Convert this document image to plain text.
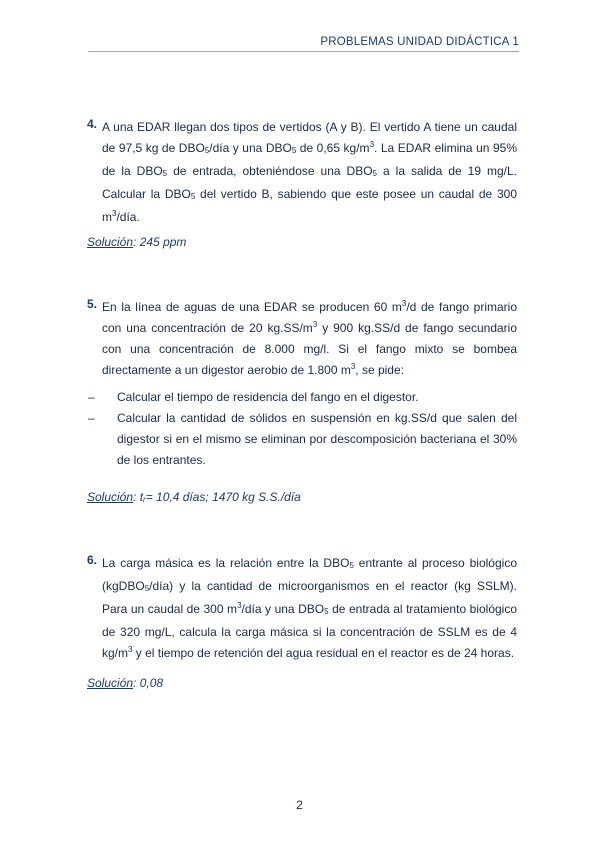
PROBLEMAS UNIDAD DIDÁCTICA 1
4. A una EDAR llegan dos tipos de vertidos (A y B). El vertido A tiene un caudal de 97,5 kg de $DBO_5$/día y una $DBO_5$ de 0,65 $kg/m^3$. La EDAR elimina un 95% de la $DBO_5$ de entrada, obteniéndose una $DBO_5$ a la salida de 19 mg/L. Calcular la $DBO_5$ del vertido B, sabiendo que este posee un caudal de 300 $m^3$/día.
Solución: 245 ppm
5. En la línea de aguas de una EDAR se producen 60 $m^3/d$ de fango primario con una concentración de 20 $kg.SS/m^3$ y 900 kg.SS/d de fango secundario con una concentración de 8.000 mg/l. Si el fango mixto se bombea directamente a un digestor aerobio de 1.800 $m^3$, se pide:
– Calcular el tiempo de residencia del fango en el digestor.
– Calcular la cantidad de sólidos en suspensión en kg.SS/d que salen del digestor si en el mismo se eliminan por descomposición bacteriana el 30% de los entrantes.
Solución: $t_r= 10,4$ días; 1470 kg S.S./día
6. La carga másica es la relación entre la $DBO_5$ entrante al proceso biológico (kgDBO$_5$/día) y la cantidad de microorganismos en el reactor (kg SSLM). Para un caudal de 300 $m^3$/día y una $DBO_5$ de entrada al tratamiento biológico de 320 mg/L, calcula la carga másica si la concentración de SSLM es de 4 $kg/m^3$ y el tiempo de retención del agua residual en el reactor es de 24 horas.
Solución: 0,08
2
